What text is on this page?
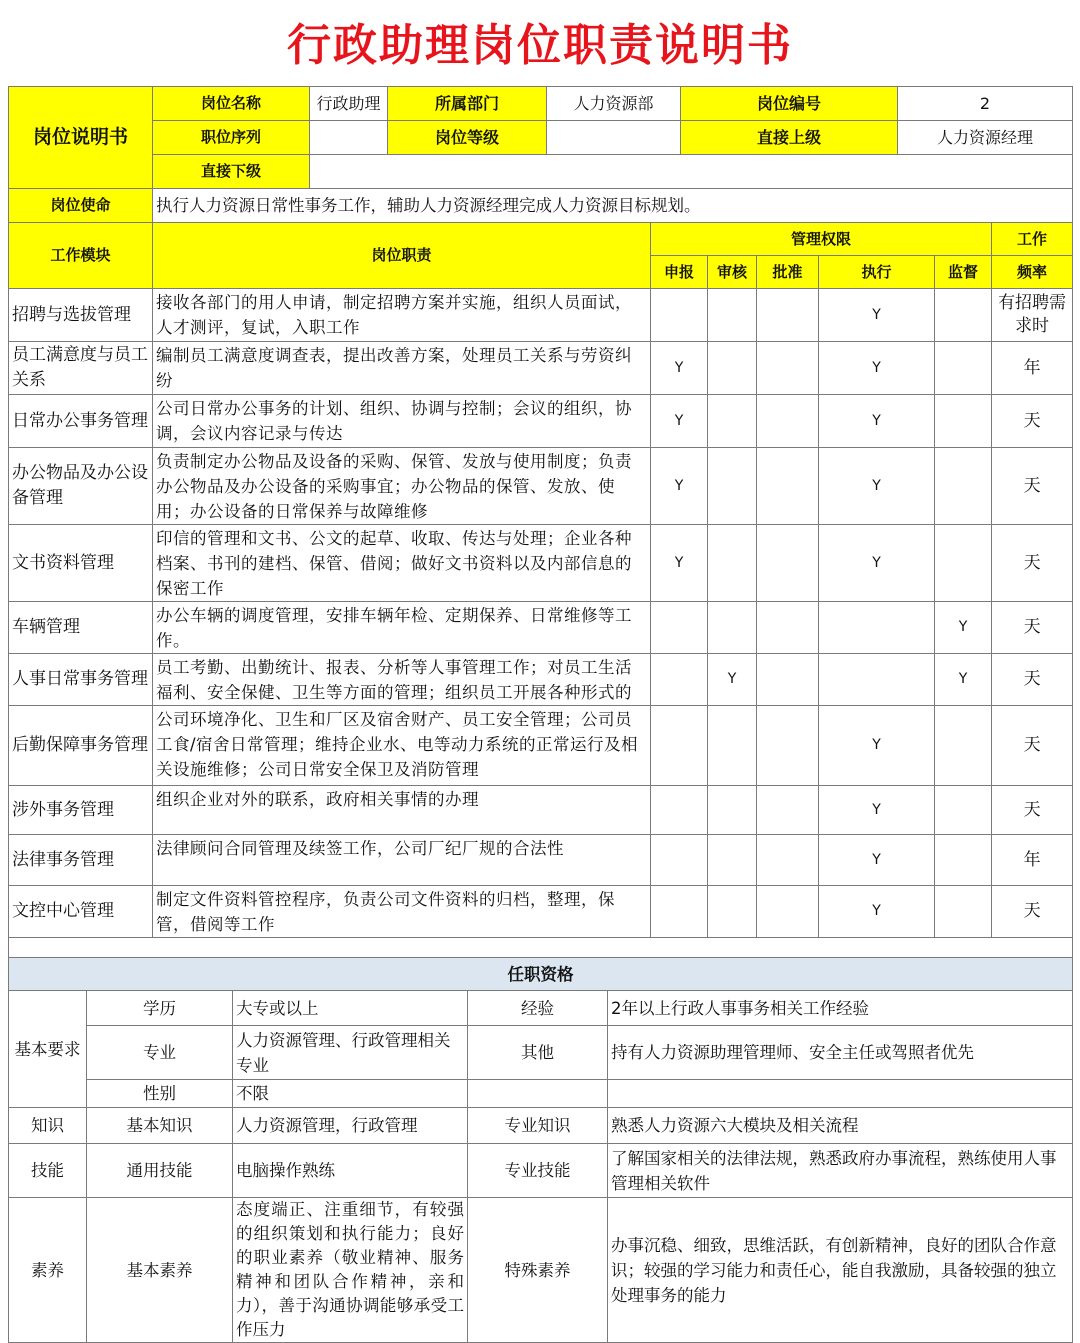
行政助理岗位职责说明书
岗位说明书	岗位名称	行政助理	所属部门	人力资源部	岗位编号	2
	职位序列		岗位等级		直接上级	人力资源经理
	直接下级					
岗位使命	执行人力资源日常性事务工作，辅助人力资源经理完成人力资源目标规划。					
工作模块	岗位职责	管理权限					工作
		申报	审核	批准	执行	监督	频率
招聘与选拔管理	接收各部门的用人申请，制定招聘方案并实施，组织人员面试，人才测评，复试，入职工作				Y		有招聘需求时
员工满意度与员工关系	编制员工满意度调查表，提出改善方案，处理员工关系与劳资纠纷	Y			Y		年
日常办公事务管理	公司日常办公事务的计划、组织、协调与控制；会议的组织，协调，会议内容记录与传达	Y			Y		天
办公物品及办公设备管理	负责制定办公物品及设备的采购、保管、发放与使用制度；负责办公物品及办公设备的采购事宜；办公物品的保管、发放、使用；办公设备的日常保养与故障维修	Y			Y		天
文书资料管理	印信的管理和文书、公文的起草、收取、传达与处理；企业各种档案、书刊的建档、保管、借阅；做好文书资料以及内部信息的保密工作	Y			Y		天
车辆管理	办公车辆的调度管理，安排车辆年检、定期保养、日常维修等工作。					Y	天
人事日常事务管理	员工考勤、出勤统计、报表、分析等人事管理工作；对员工生活福利、安全保健、卫生等方面的管理；组织员工开展各种形式的		Y			Y	天
后勤保障事务管理	公司环境净化、卫生和厂区及宿舍财产、员工安全管理；公司员工食/宿舍日常管理；维持企业水、电等动力系统的正常运行及相关设施维修；公司日常安全保卫及消防管理				Y		天
涉外事务管理	组织企业对外的联系，政府相关事情的办理				Y		天
法律事务管理	法律顾问合同管理及续签工作，公司厂纪厂规的合法性				Y		年
文控中心管理	制定文件资料管控程序，负责公司文件资料的归档，整理，保管，借阅等工作				Y		天

任职资格				
基本要求	学历	大专或以上	经验	2年以上行政人事事务相关工作经验
	专业	人力资源管理、行政管理相关专业	其他	持有人力资源助理管理师、安全主任或驾照者优先
	性别	不限		
知识	基本知识	人力资源管理，行政管理	专业知识	熟悉人力资源六大模块及相关流程
技能	通用技能	电脑操作熟练	专业技能	了解国家相关的法律法规，熟悉政府办事流程，熟练使用人事管理相关软件
素养	基本素养	态度端正、注重细节，有较强的组织策划和执行能力；良好的职业素养（敬业精神、服务精神和团队合作精神，亲和力），善于沟通协调能够承受工作压力	特殊素养	办事沉稳、细致，思维活跃，有创新精神，良好的团队合作意识；较强的学习能力和责任心，能自我激励，具备较强的独立处理事务的能力
